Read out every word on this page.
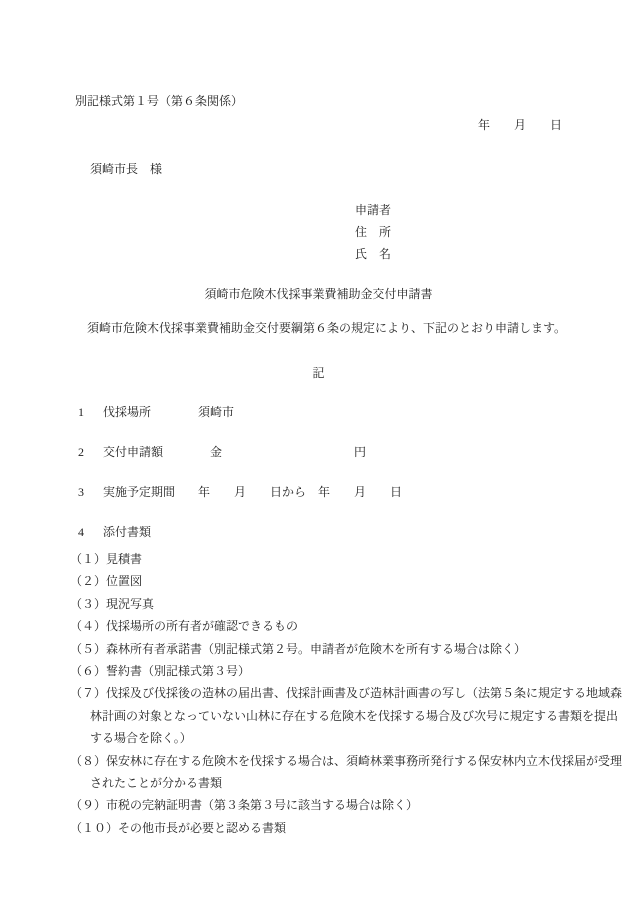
別記様式第１号（第６条関係）
年　　月　　日
須崎市長　様
申請者
住　所
氏　名
須崎市危険木伐採事業費補助金交付申請書

須崎市危険木伐採事業費補助金交付要綱第６条の規定により、下記のとおり申請します。

記
1 伐採場所	須崎市
2 交付申請額	　金　　　　　　　　　　　円
3 実施予定期間 年　　月　　日から　年　　月　　日
4 添付書類
（１）見積書
（２）位置図
（３）現況写真
（４）伐採場所の所有者が確認できるもの
（５）森林所有者承諾書（別記様式第２号。申請者が危険木を所有する場合は除く）
（６）誓約書（別記様式第３号）
（７）伐採及び伐採後の造林の届出書、伐採計画書及び造林計画書の写し（法第５条に規定する地域森林計画の対象となっていない山林に存在する危険木を伐採する場合及び次号に規定する書類を提出する場合を除く。）
（８）保安林に存在する危険木を伐採する場合は、須崎林業事務所発行する保安林内立木伐採届が受理されたことが分かる書類
（９）市税の完納証明書（第３条第３号に該当する場合は除く）
（１０）その他市長が必要と認める書類
